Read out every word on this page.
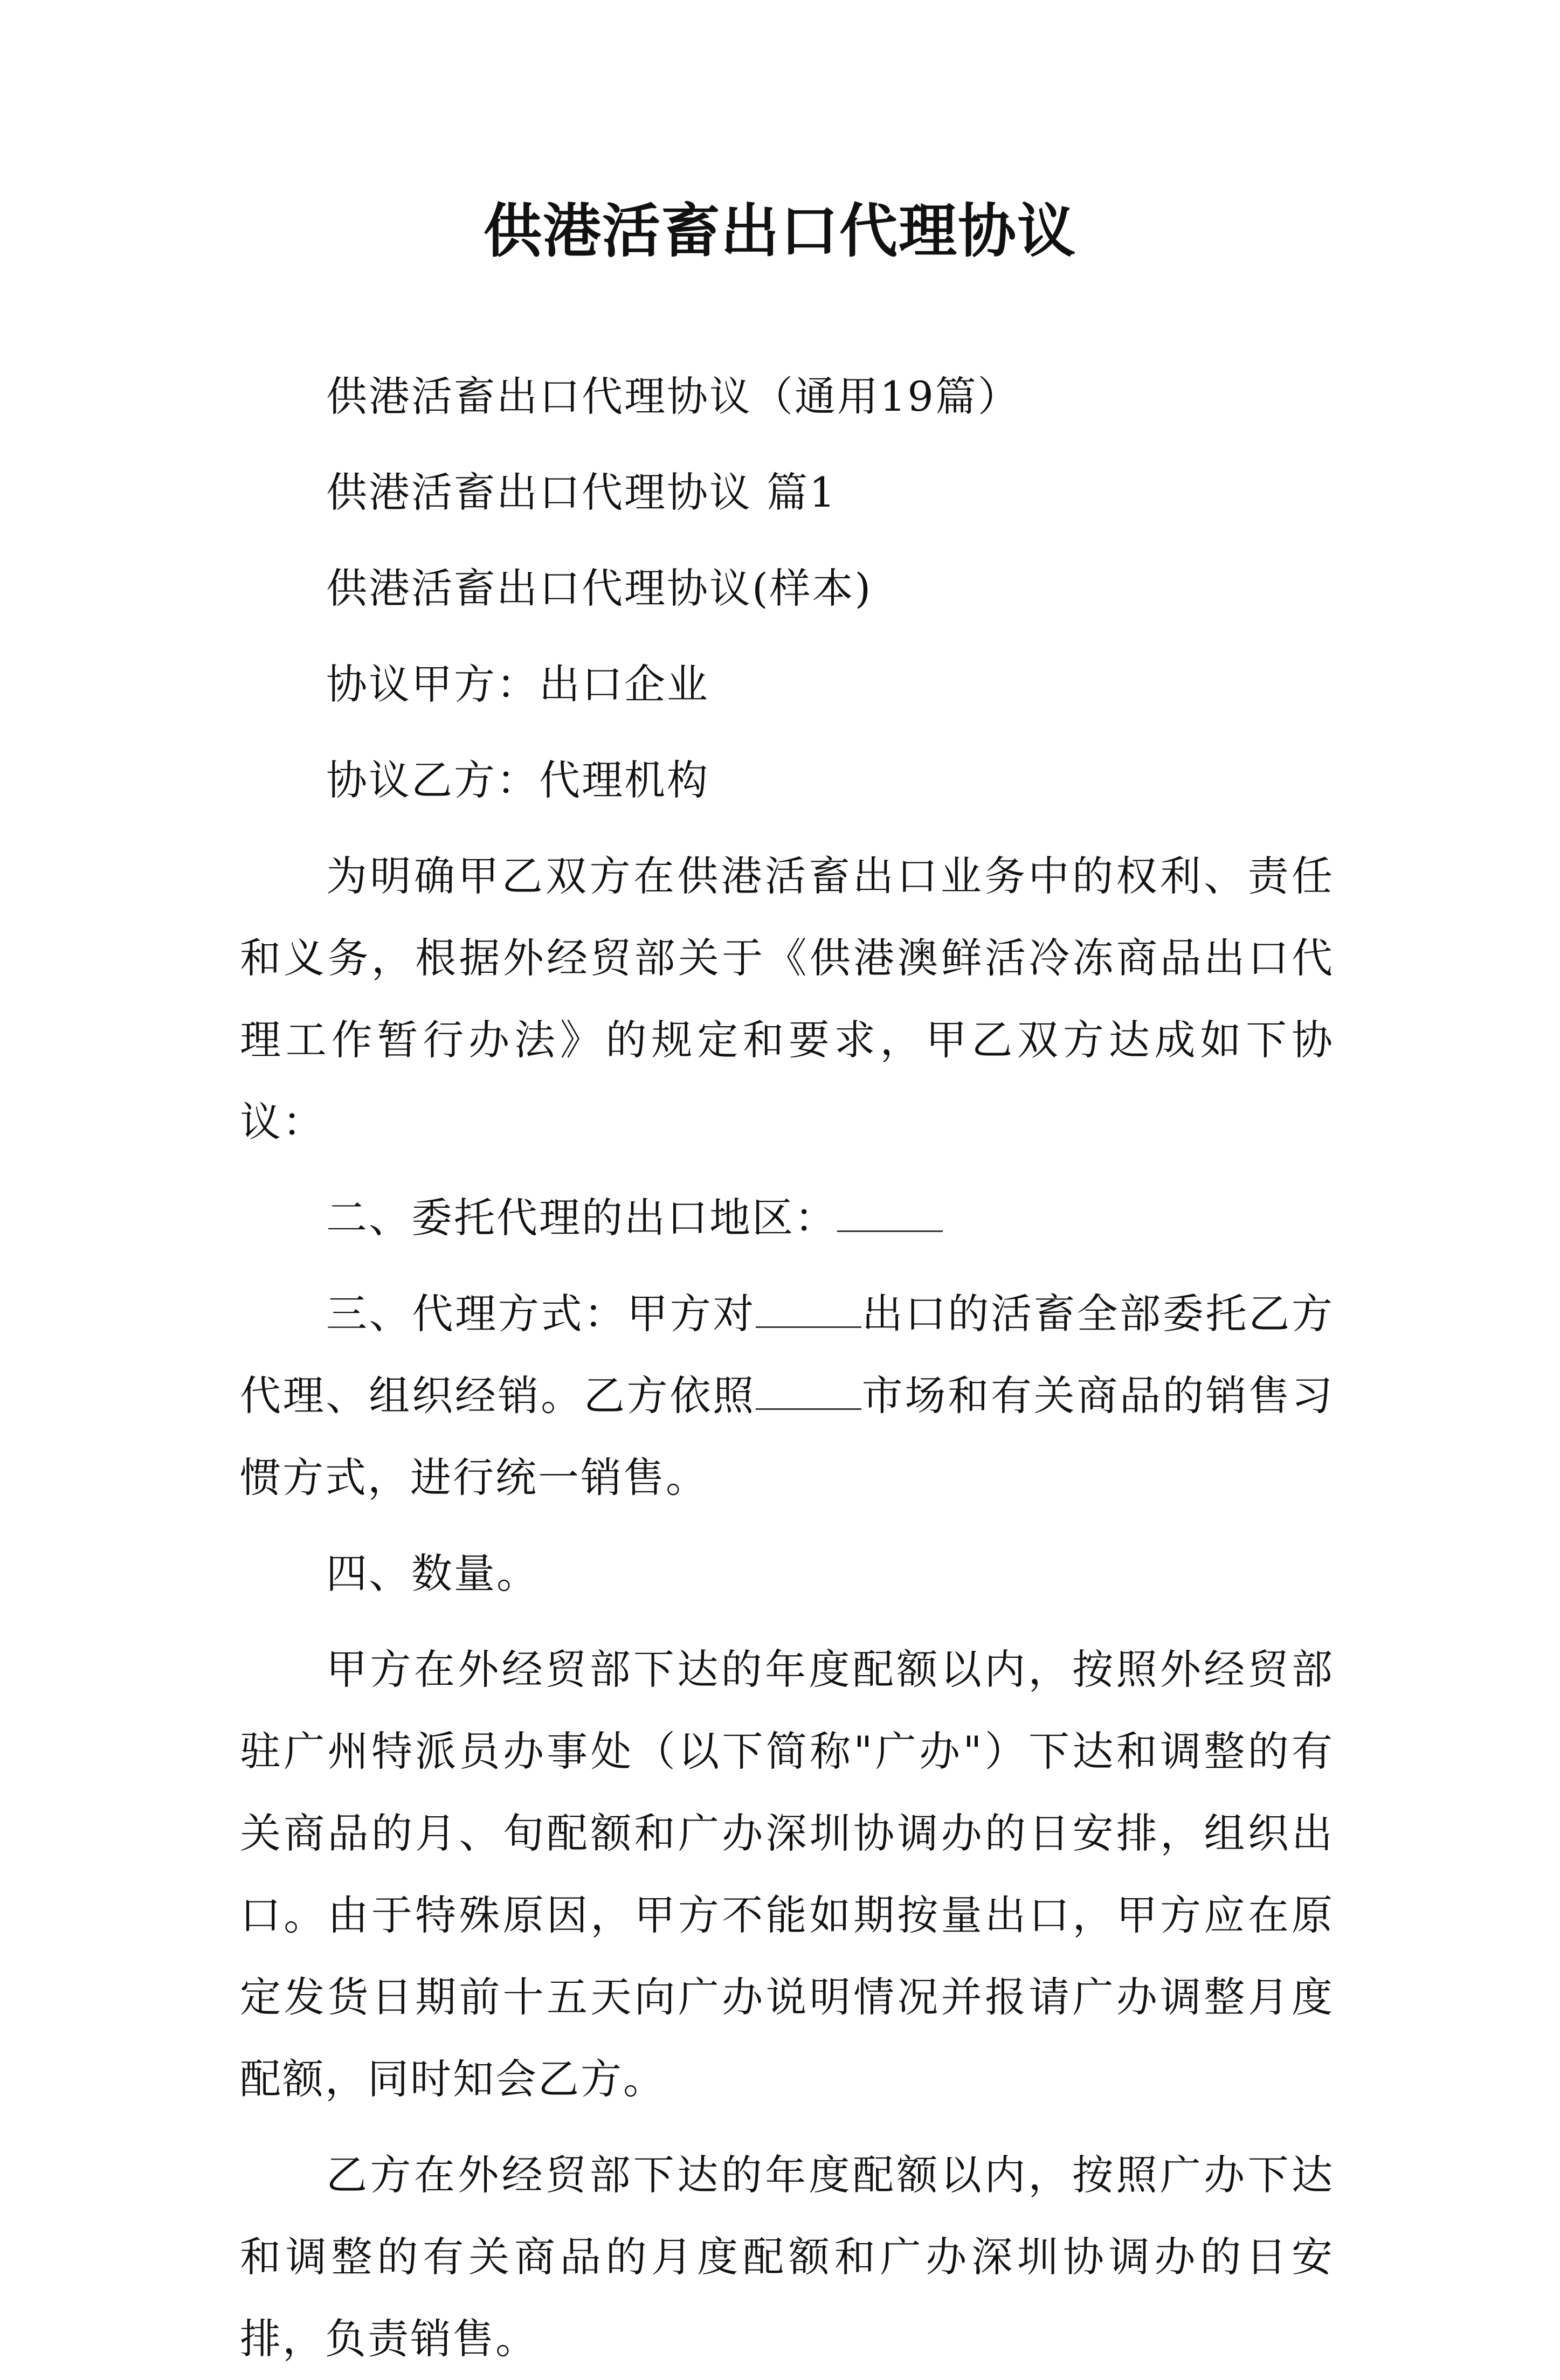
供港活畜出口代理协议

供港活畜出口代理协议（通用19篇）

供港活畜出口代理协议 篇1

供港活畜出口代理协议(样本)

协议甲方：出口企业

协议乙方：代理机构

为明确甲乙双方在供港活畜出口业务中的权利、责任和义务，根据外经贸部关于《供港澳鲜活冷冻商品出口代理工作暂行办法》的规定和要求，甲乙双方达成如下协议：

二、委托代理的出口地区：

三、代理方式：甲方对	出口的活畜全部委托乙方代理、组织经销。乙方依照	市场和有关商品的销售习惯方式，进行统一销售。

四、数量。

甲方在外经贸部下达的年度配额以内，按照外经贸部驻广州特派员办事处（以下简称"广办"）下达和调整的有关商品的月、旬配额和广办深圳协调办的日安排，组织出口。由于特殊原因，甲方不能如期按量出口，甲方应在原定发货日期前十五天向广办说明情况并报请广办调整月度配额，同时知会乙方。

乙方在外经贸部下达的年度配额以内，按照广办下达和调整的有关商品的月度配额和广办深圳协调办的日安排，负责销售。
